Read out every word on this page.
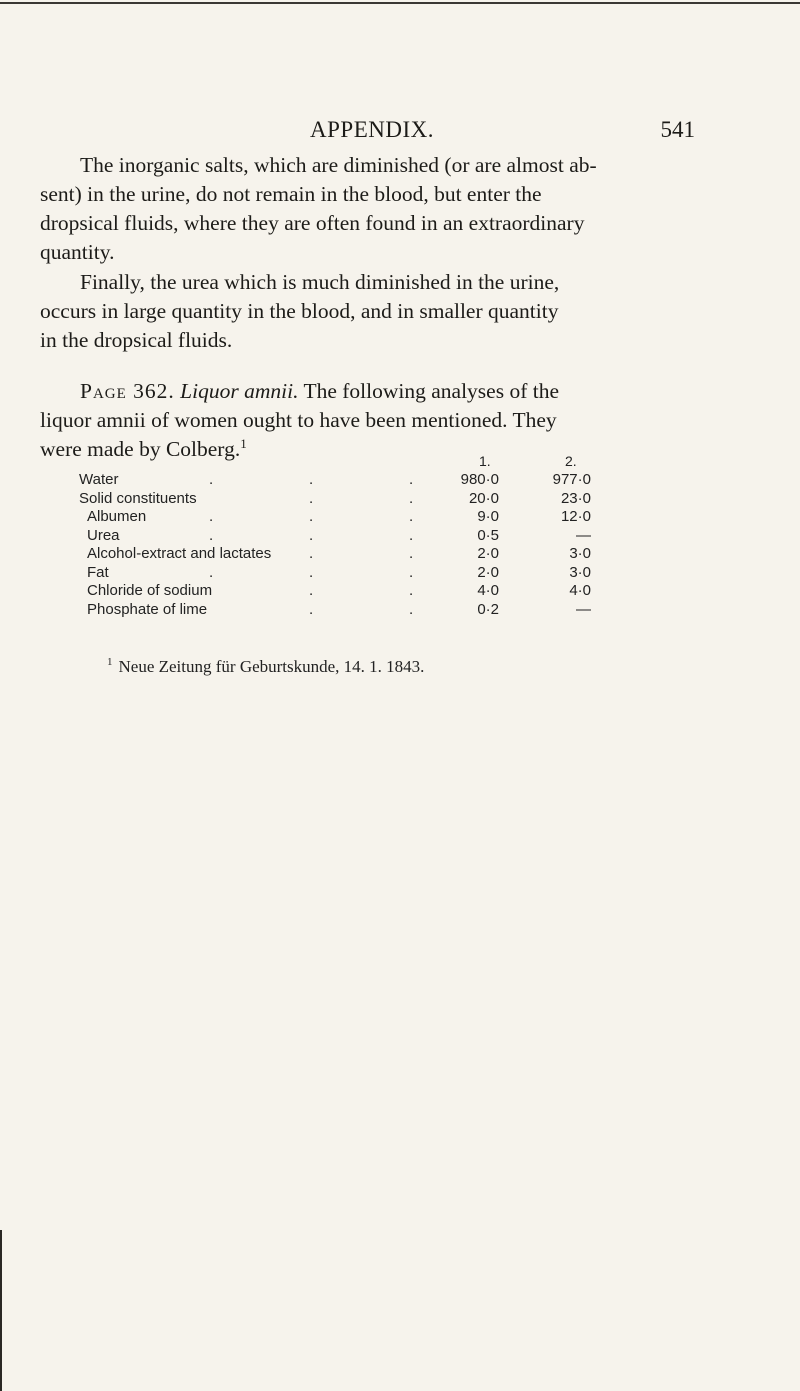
APPENDIX.	541
The inorganic salts, which are diminished (or are almost ab-
sent) in the urine, do not remain in the blood, but enter the
dropsical fluids, where they are often found in an extraordinary
quantity.
Finally, the urea which is much diminished in the urine,
occurs in large quantity in the blood, and in smaller quantity
in the dropsical fluids.
Page 362. Liquor amnii. The following analyses of the
liquor amnii of women ought to have been mentioned. They
were made by Colberg.$^1$
1.	2.
Water	.	.	.	980·0	977·0
Solid constituents	.	.	20·0	23·0
Albumen	.	.	.	9·0	12·0
Urea	.	.	.	0·5	—
Alcohol-extract and lactates	.	.	2·0	3·0
Fat	.	.	.	2·0	3·0
Chloride of sodium	.	.	4·0	4·0
Phosphate of lime	.	.	0·2	—
$^1$ Neue Zeitung für Geburtskunde, 14. 1. 1843.
